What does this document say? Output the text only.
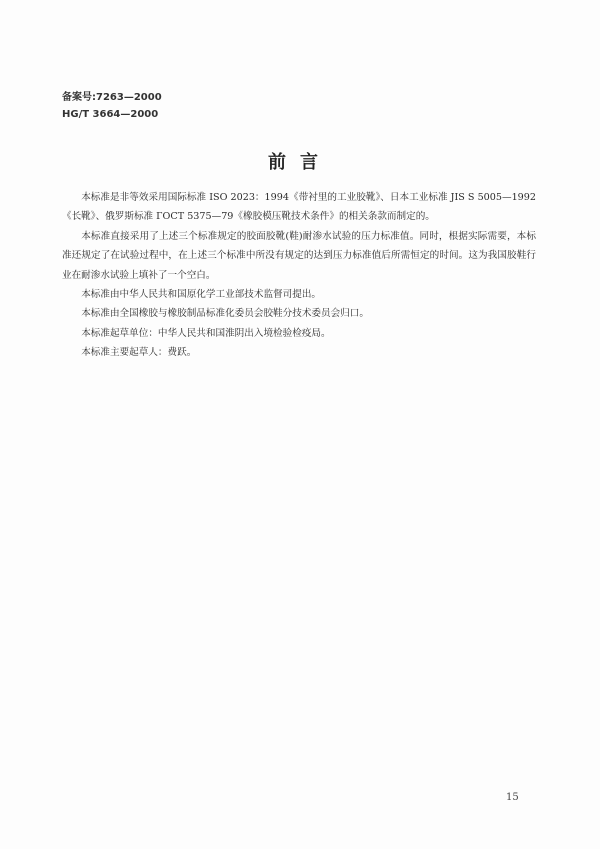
备案号:7263—2000
HG/T 3664—2000
前言

本标准是非等效采用国际标准 ISO 2023：1994《带衬里的工业胶靴》、日本工业标准 JIS S 5005—1992《长靴》、俄罗斯标准 ГОСТ 5375—79《橡胶模压靴技术条件》的相关条款而制定的。

本标准直接采用了上述三个标准规定的胶面胶靴(鞋)耐渗水试验的压力标准值。同时，根据实际需要，本标准还规定了在试验过程中，在上述三个标准中所没有规定的达到压力标准值后所需恒定的时间。这为我国胶鞋行业在耐渗水试验上填补了一个空白。

本标准由中华人民共和国原化学工业部技术监督司提出。

本标准由全国橡胶与橡胶制品标准化委员会胶鞋分技术委员会归口。

本标准起草单位：中华人民共和国淮阴出入境检验检疫局。

本标准主要起草人：费跃。

15
